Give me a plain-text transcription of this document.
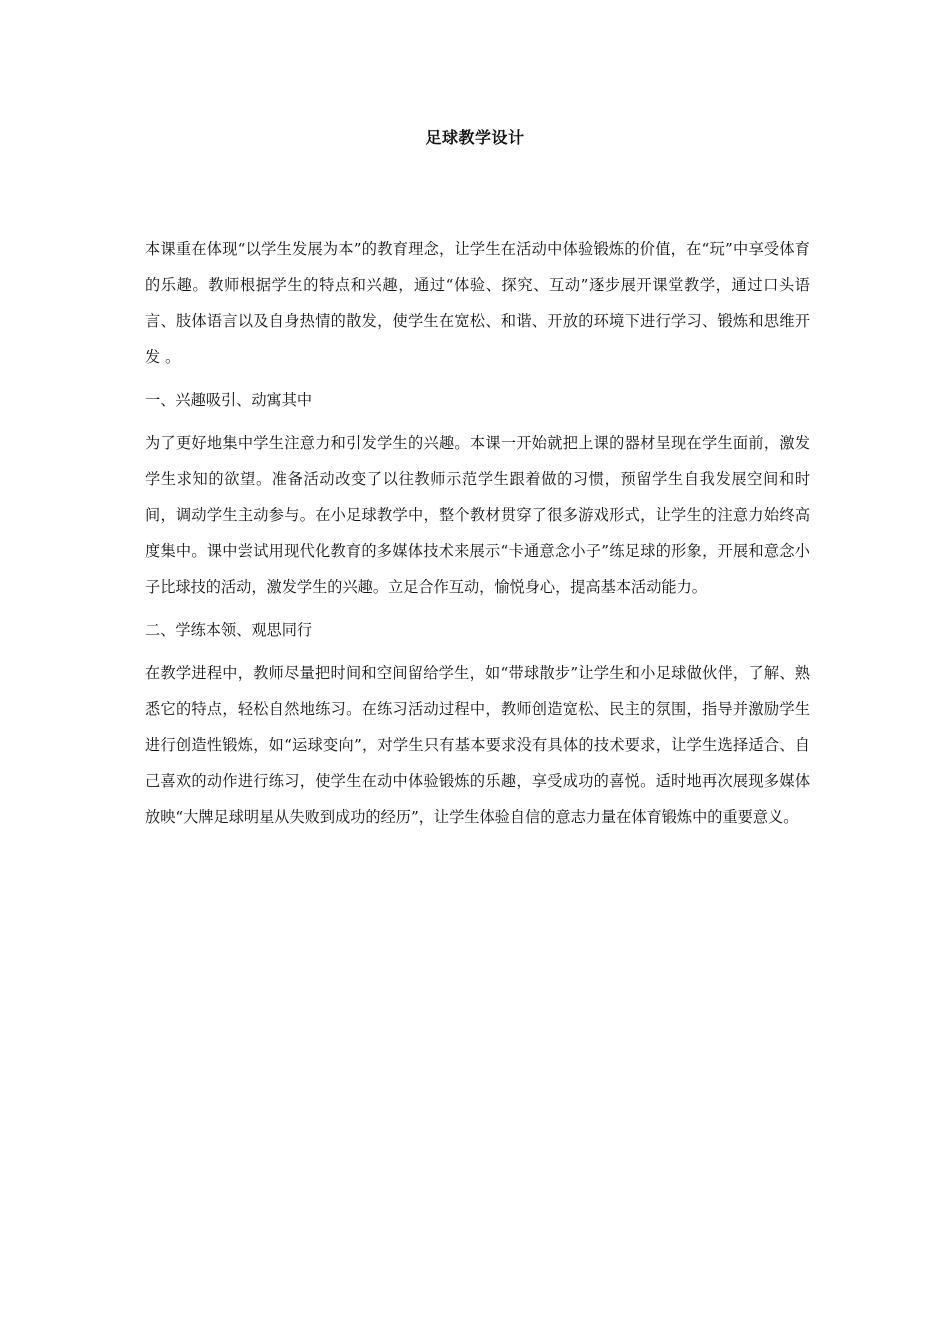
足球教学设计

本课重在体现“以学生发展为本”的教育理念，让学生在活动中体验锻炼的价值，在“玩”中享受体育的乐趣。教师根据学生的特点和兴趣，通过“体验、探究、互动”逐步展开课堂教学，通过口头语言、肢体语言以及自身热情的散发，使学生在宽松、和谐、开放的环境下进行学习、锻炼和思维开发 。

一、兴趣吸引、动寓其中

为了更好地集中学生注意力和引发学生的兴趣。本课一开始就把上课的器材呈现在学生面前，激发学生求知的欲望。准备活动改变了以往教师示范学生跟着做的习惯，预留学生自我发展空间和时间，调动学生主动参与。在小足球教学中，整个教材贯穿了很多游戏形式，让学生的注意力始终高度集中。课中尝试用现代化教育的多媒体技术来展示“卡通意念小子”练足球的形象，开展和意念小子比球技的活动，激发学生的兴趣。立足合作互动，愉悦身心，提高基本活动能力。

二、学练本领、观思同行

在教学进程中，教师尽量把时间和空间留给学生，如“带球散步”让学生和小足球做伙伴，了解、熟悉它的特点，轻松自然地练习。在练习活动过程中，教师创造宽松、民主的氛围，指导并激励学生进行创造性锻炼，如“运球变向”，对学生只有基本要求没有具体的技术要求，让学生选择适合、自己喜欢的动作进行练习，使学生在动中体验锻炼的乐趣，享受成功的喜悦。适时地再次展现多媒体放映“大牌足球明星从失败到成功的经历”，让学生体验自信的意志力量在体育锻炼中的重要意义。
